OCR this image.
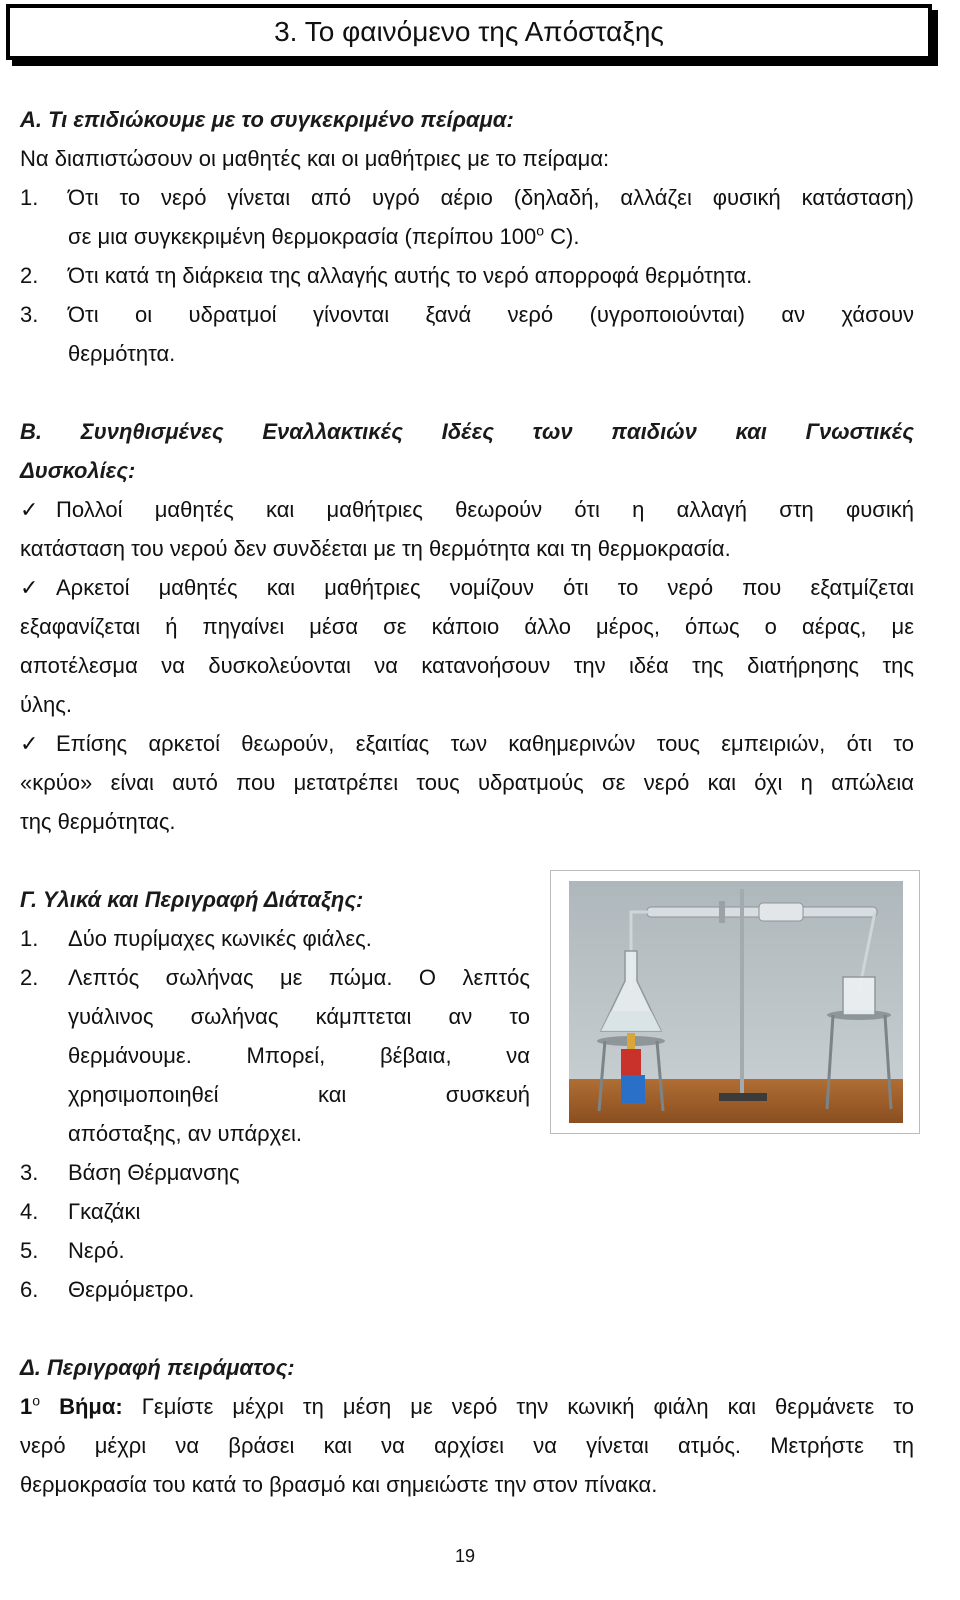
3. Το φαινόμενο της Απόσταξης

Α. Τι επιδιώκουμε με το συγκεκριμένο πείραμα:

Να διαπιστώσουν οι μαθητές και οι μαθήτριες με το πείραμα:

1. Ότι το νερό γίνεται από υγρό αέριο (δηλαδή, αλλάζει φυσική κατάσταση)

σε μια συγκεκριμένη θερμοκρασία (περίπου $100^o$ C).

2. Ότι κατά τη διάρκεια της αλλαγής αυτής το νερό απορροφά θερμότητα.

3. Ότι οι υδρατμοί γίνονται ξανά νερό (υγροποιούνται) αν χάσουν

θερμότητα.

Β. Συνηθισμένες Εναλλακτικές Ιδέες των παιδιών και Γνωστικές

Δυσκολίες:

✓ Πολλοί μαθητές και μαθήτριες θεωρούν ότι η αλλαγή στη φυσική

κατάσταση του νερού δεν συνδέεται με τη θερμότητα και τη θερμοκρασία.

✓ Αρκετοί μαθητές και μαθήτριες νομίζουν ότι το νερό που εξατμίζεται

εξαφανίζεται ή πηγαίνει μέσα σε κάποιο άλλο μέρος, όπως ο αέρας, με

αποτέλεσμα να δυσκολεύονται να κατανοήσουν την ιδέα της διατήρησης της

ύλης.

✓ Επίσης αρκετοί θεωρούν, εξαιτίας των καθημερινών τους εμπειριών, ότι το

«κρύο» είναι αυτό που μετατρέπει τους υδρατμούς σε νερό και όχι η απώλεια

της θερμότητας.

Γ. Υλικά και Περιγραφή Διάταξης:

1. Δύο πυρίμαχες κωνικές φιάλες.

2. Λεπτός σωλήνας με πώμα. Ο λεπτός

γυάλινος σωλήνας κάμπτεται αν το

θερμάνουμε. Μπορεί, βέβαια, να

χρησιμοποιηθεί και συσκευή

απόσταξης, αν υπάρχει.

3. Βάση Θέρμανσης

4. Γκαζάκι

5. Νερό.

6. Θερμόμετρο.

Δ. Περιγραφή πειράματος:

$1^o$ Βήμα: Γεμίστε μέχρι τη μέση με νερό την κωνική φιάλη και θερμάνετε το

νερό μέχρι να βράσει και να αρχίσει να γίνεται ατμός. Μετρήστε τη

θερμοκρασία του κατά το βρασμό και σημειώστε την στον πίνακα.

19
